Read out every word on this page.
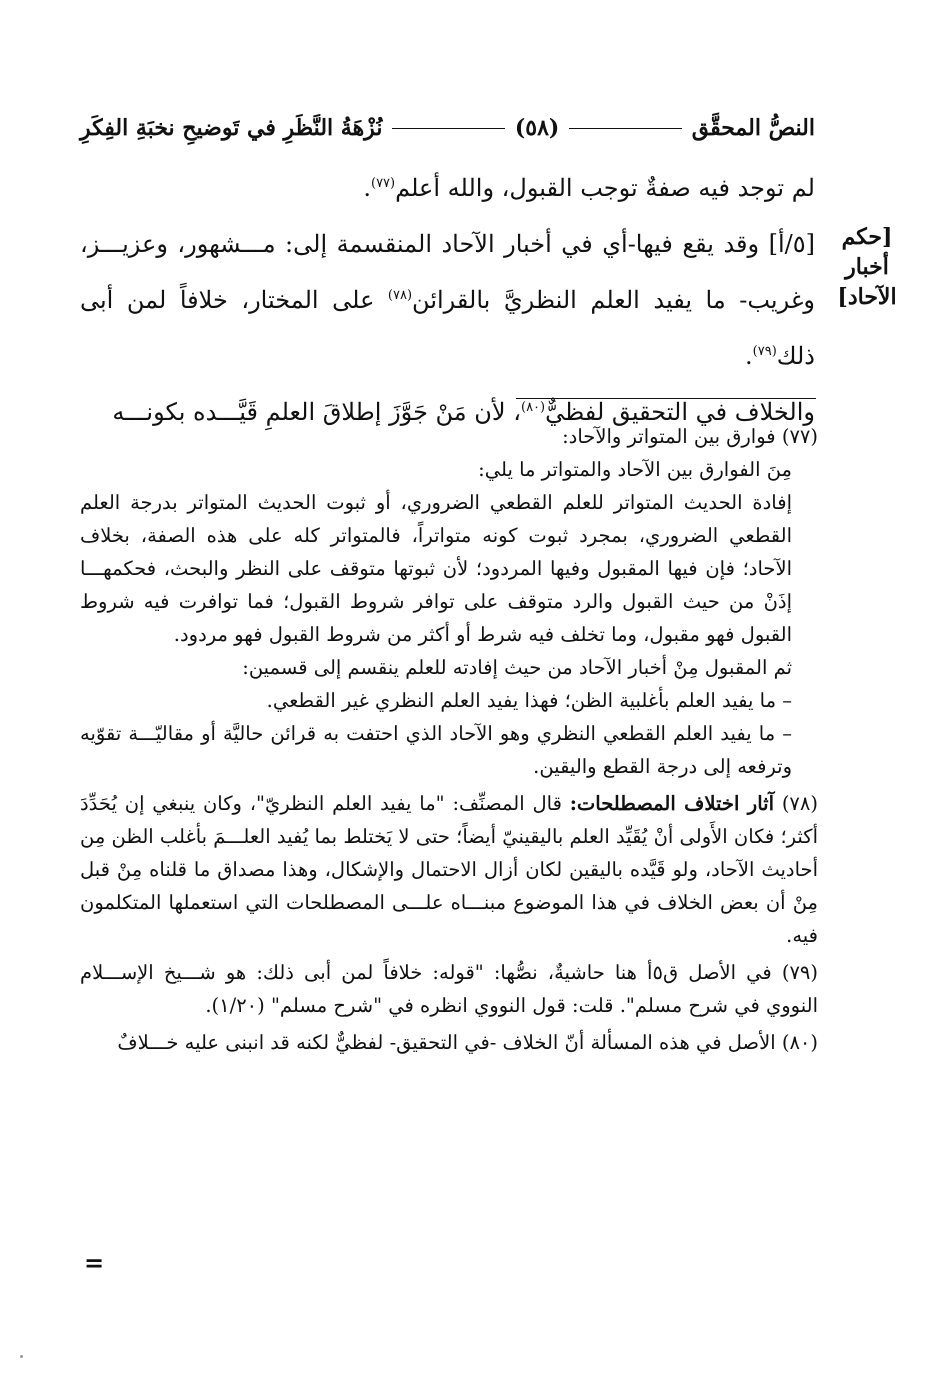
النصُّ المحقَّق
(٥٨)
نُزْهَةُ النَّظَرِ في تَوضيحِ نخبَةِ الفِكَرِ
[حكم
أخبار
الآحاد]

لم توجد فيه صفةٌ توجب القبول، والله أعلم$^{(٧٧)}$.

[٥/أ] وقد يقع فيها-أي في أخبار الآحاد المنقسمة إلى: مـــشهور، وعزيـــز، وغريب- ما يفيد العلم النظريَّ بالقرائن$^{(٧٨)}$ على المختار، خلافاً لمن أبى ذلك$^{(٧٩)}$.

والخلاف في التحقيق لفظيٌّ$^{(٨٠)}$، لأن مَنْ جَوَّزَ إطلاقَ العلمِ قَيَّـــده بكونـــه

(٧٧) فوارق بين المتواتر والآحاد:

مِنَ الفوارق بين الآحاد والمتواتر ما يلي:

إفادة الحديث المتواتر للعلم القطعي الضروري، أو ثبوت الحديث المتواتر بدرجة العلم القطعي الضروري، بمجرد ثبوت كونه متواتراً، فالمتواتر كله على هذه الصفة، بخلاف الآحاد؛ فإن فيها المقبول وفيها المردود؛ لأن ثبوتها متوقف على النظر والبحث، فحكمهـــا إذَنْ من حيث القبول والرد متوقف على توافر شروط القبول؛ فما توافرت فيه شروط القبول فهو مقبول، وما تخلف فيه شرط أو أكثر من شروط القبول فهو مردود.

ثم المقبول مِنْ أخبار الآحاد من حيث إفادته للعلم ينقسم إلى قسمين:

– ما يفيد العلم بأغلبية الظن؛ فهذا يفيد العلم النظري غير القطعي.

– ما يفيد العلم القطعي النظري وهو الآحاد الذي احتفت به قرائن حاليَّة أو مقاليّـــة تقوّيه وترفعه إلى درجة القطع واليقين.

(٧٨) آثار اختلاف المصطلحات: قال المصنِّف: "ما يفيد العلم النظريّ"، وكان ينبغي إن يُحَدِّدَ أكثر؛ فكان الأَولى أنْ يُقَيِّد العلم باليقينيّ أيضاً؛ حتى لا يَختلط بما يُفيد العلـــمَ بأغلب الظن مِن أحاديث الآحاد، ولو قَيَّده باليقين لكان أزال الاحتمال والإشكال، وهذا مصداق ما قلناه مِنْ قبل مِنْ أن بعض الخلاف في هذا الموضوع مبنـــاه علـــى المصطلحات التي استعملها المتكلمون فيه.
(٧٩) في الأصل ق٥أ هنا حاشيةٌ، نصُّها: "قوله: خلافاً لمن أبى ذلك: هو شـــيخ الإســـلام النووي في شرح مسلم". قلت: قول النووي انظره في "شرح مسلم" (١/٢٠).
(٨٠) الأصل في هذه المسألة أنّ الخلاف -في التحقيق- لفظيٌّ لكنه قد انبنى عليه خـــلافٌ
=
